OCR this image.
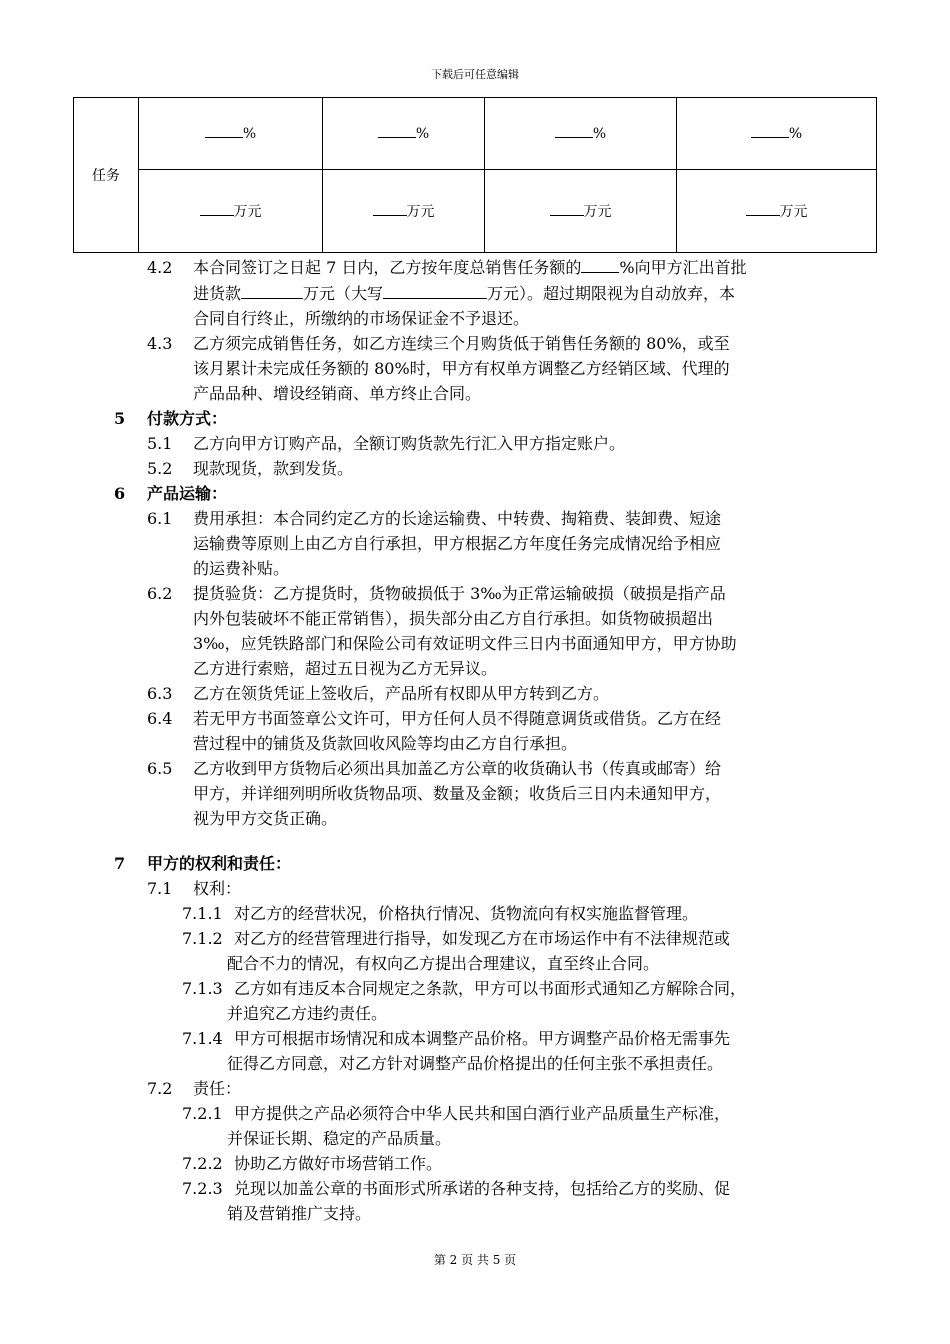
下载后可任意编辑
任务	%	%	%	%
	万元	万元	万元	万元
4.2 本合同签订之日起 7 日内，乙方按年度总销售任务额的 %向甲方汇出首批
进货款	万元（大写	万元）。超过期限视为自动放弃，本
合同自行终止，所缴纳的市场保证金不予退还。
4.3 乙方须完成销售任务，如乙方连续三个月购货低于销售任务额的 80%，或至
该月累计未完成任务额的 80%时，甲方有权单方调整乙方经销区域、代理的
产品品种、增设经销商、单方终止合同。
5 付款方式：
5.1 乙方向甲方订购产品，全额订购货款先行汇入甲方指定账户。
5.2 现款现货，款到发货。
6 产品运输：
6.1 费用承担：本合同约定乙方的长途运输费、中转费、掏箱费、装卸费、短途
运输费等原则上由乙方自行承担，甲方根据乙方年度任务完成情况给予相应
的运费补贴。
6.2 提货验货：乙方提货时，货物破损低于 3‰为正常运输破损（破损是指产品
内外包装破坏不能正常销售），损失部分由乙方自行承担。如货物破损超出
3‰，应凭铁路部门和保险公司有效证明文件三日内书面通知甲方，甲方协助
乙方进行索赔，超过五日视为乙方无异议。
6.3 乙方在领货凭证上签收后，产品所有权即从甲方转到乙方。
6.4 若无甲方书面签章公文许可，甲方任何人员不得随意调货或借货。乙方在经
营过程中的铺货及货款回收风险等均由乙方自行承担。
6.5 乙方收到甲方货物后必须出具加盖乙方公章的收货确认书（传真或邮寄）给
甲方，并详细列明所收货物品项、数量及金额；收货后三日内未通知甲方，
视为甲方交货正确。
7 甲方的权利和责任：
7.1 权利：
7.1.1 对乙方的经营状况，价格执行情况、货物流向有权实施监督管理。
7.1.2 对乙方的经营管理进行指导，如发现乙方在市场运作中有不法律规范或
配合不力的情况，有权向乙方提出合理建议，直至终止合同。
7.1.3 乙方如有违反本合同规定之条款，甲方可以书面形式通知乙方解除合同，
并追究乙方违约责任。
7.1.4 甲方可根据市场情况和成本调整产品价格。甲方调整产品价格无需事先
征得乙方同意，对乙方针对调整产品价格提出的任何主张不承担责任。
7.2 责任：
7.2.1 甲方提供之产品必须符合中华人民共和国白酒行业产品质量生产标准，
并保证长期、稳定的产品质量。
7.2.2 协助乙方做好市场营销工作。
7.2.3 兑现以加盖公章的书面形式所承诺的各种支持，包括给乙方的奖励、促
销及营销推广支持。
第 2 页 共 5 页
